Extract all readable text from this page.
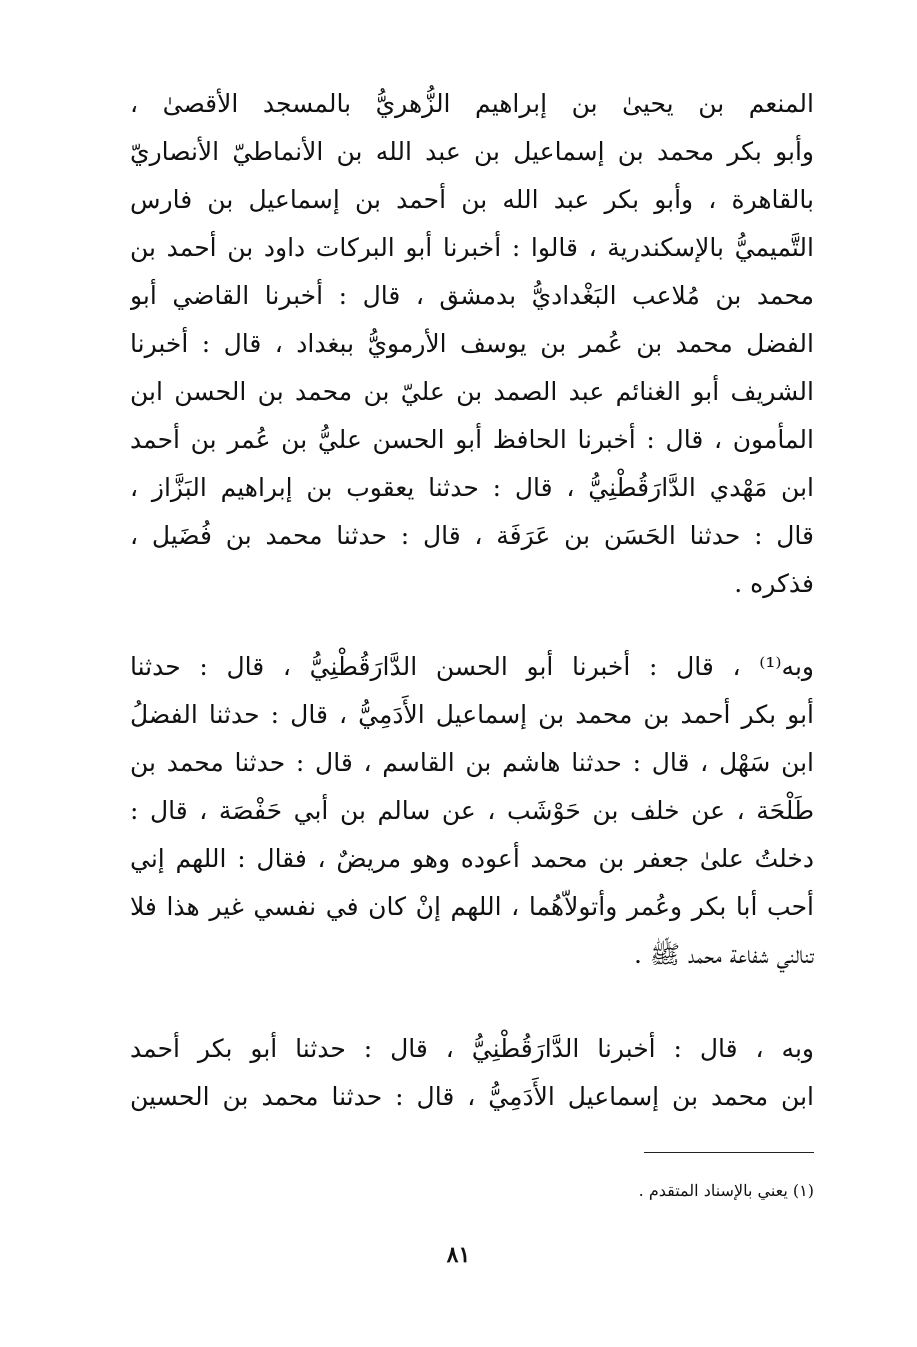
المنعم بن يحيىٰ بن إبراهيم الزُّهريُّ بالمسجد الأقصىٰ ،
وأبو بكر محمد بن إسماعيل بن عبد الله بن الأنماطيّ الأنصاريّ
بالقاهرة ، وأبو بكر عبد الله بن أحمد بن إسماعيل بن فارس
التَّميميُّ بالإسكندرية ، قالوا : أخبرنا أبو البركات داود بن أحمد بن
محمد بن مُلاعب البَغْداديُّ بدمشق ، قال : أخبرنا القاضي أبو
الفضل محمد بن عُمر بن يوسف الأرمويُّ ببغداد ، قال : أخبرنا
الشريف أبو الغنائم عبد الصمد بن عليّ بن محمد بن الحسن ابن
المأمون ، قال : أخبرنا الحافظ أبو الحسن عليُّ بن عُمر بن أحمد
ابن مَهْدي الدَّارَقُطْنِيُّ ، قال : حدثنا يعقوب بن إبراهيم البَزَّاز ،
قال : حدثنا الحَسَن بن عَرَفَة ، قال : حدثنا محمد بن فُضَيل ،
فذكره .
وبه⁽¹⁾ ، قال : أخبرنا أبو الحسن الدَّارَقُطْنِيُّ ، قال : حدثنا
أبو بكر أحمد بن محمد بن إسماعيل الأَدَمِيُّ ، قال : حدثنا الفضلُ
ابن سَهْل ، قال : حدثنا هاشم بن القاسم ، قال : حدثنا محمد بن
طَلْحَة ، عن خلف بن حَوْشَب ، عن سالم بن أبي حَفْصَة ، قال :
دخلتُ علىٰ جعفر بن محمد أعوده وهو مريضٌ ، فقال : اللهم إني
أحب أبا بكر وعُمر وأتولاّهُما ، اللهم إنْ كان في نفسي غير هذا فلا
تنالني شفاعة محمد ﷺ .
وبه ، قال : أخبرنا الدَّارَقُطْنِيُّ ، قال : حدثنا أبو بكر أحمد
ابن محمد بن إسماعيل الأَدَمِيُّ ، قال : حدثنا محمد بن الحسين
(١) يعني بالإسناد المتقدم .
٨١
